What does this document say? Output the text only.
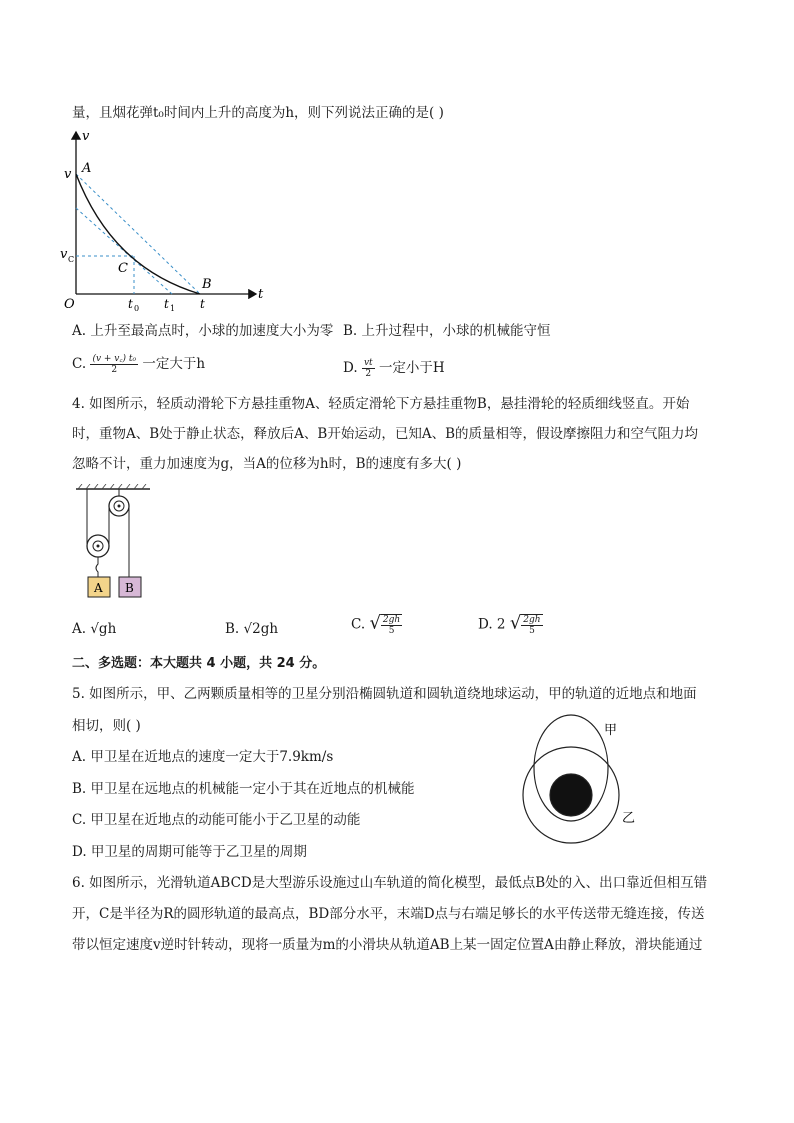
量，且烟花弹t₀时间内上升的高度为h，则下列说法正确的是( )
v
t
O
v
v C
A
B
C
t 0 t 1 t
A. 上升至最高点时，小球的加速度大小为零 B. 上升过程中，小球的机械能守恒
C. $\frac{\text{(v + v꜀) t₀}}{2}$ 一定大于h	D. $\frac{vt}{2}$ 一定小于H
4. 如图所示，轻质动滑轮下方悬挂重物A、轻质定滑轮下方悬挂重物B，悬挂滑轮的轻质细线竖直。开始
时，重物A、B处于静止状态，释放后A、B开始运动，已知A、B的质量相等，假设摩擦阻力和空气阻力均
忽略不计，重力加速度为g，当A的位移为h时，B的速度有多大( )
A B
A. √gh	B. √2gh	C. √ $\frac{2gh}{5}$	D. 2 √ $\frac{2gh}{5}$
二、多选题：本大题共 4 小题，共 24 分。
5. 如图所示，甲、乙两颗质量相等的卫星分别沿椭圆轨道和圆轨道绕地球运动，甲的轨道的近地点和地面
相切，则( )
A. 甲卫星在近地点的速度一定大于7.9km/s
B. 甲卫星在远地点的机械能一定小于其在近地点的机械能
C. 甲卫星在近地点的动能可能小于乙卫星的动能
D. 甲卫星的周期可能等于乙卫星的周期
甲
乙
6. 如图所示，光滑轨道ABCD是大型游乐设施过山车轨道的简化模型，最低点B处的入、出口靠近但相互错
开，C是半径为R的圆形轨道的最高点，BD部分水平，末端D点与右端足够长的水平传送带无缝连接，传送
带以恒定速度v逆时针转动，现将一质量为m的小滑块从轨道AB上某一固定位置A由静止释放，滑块能通过
